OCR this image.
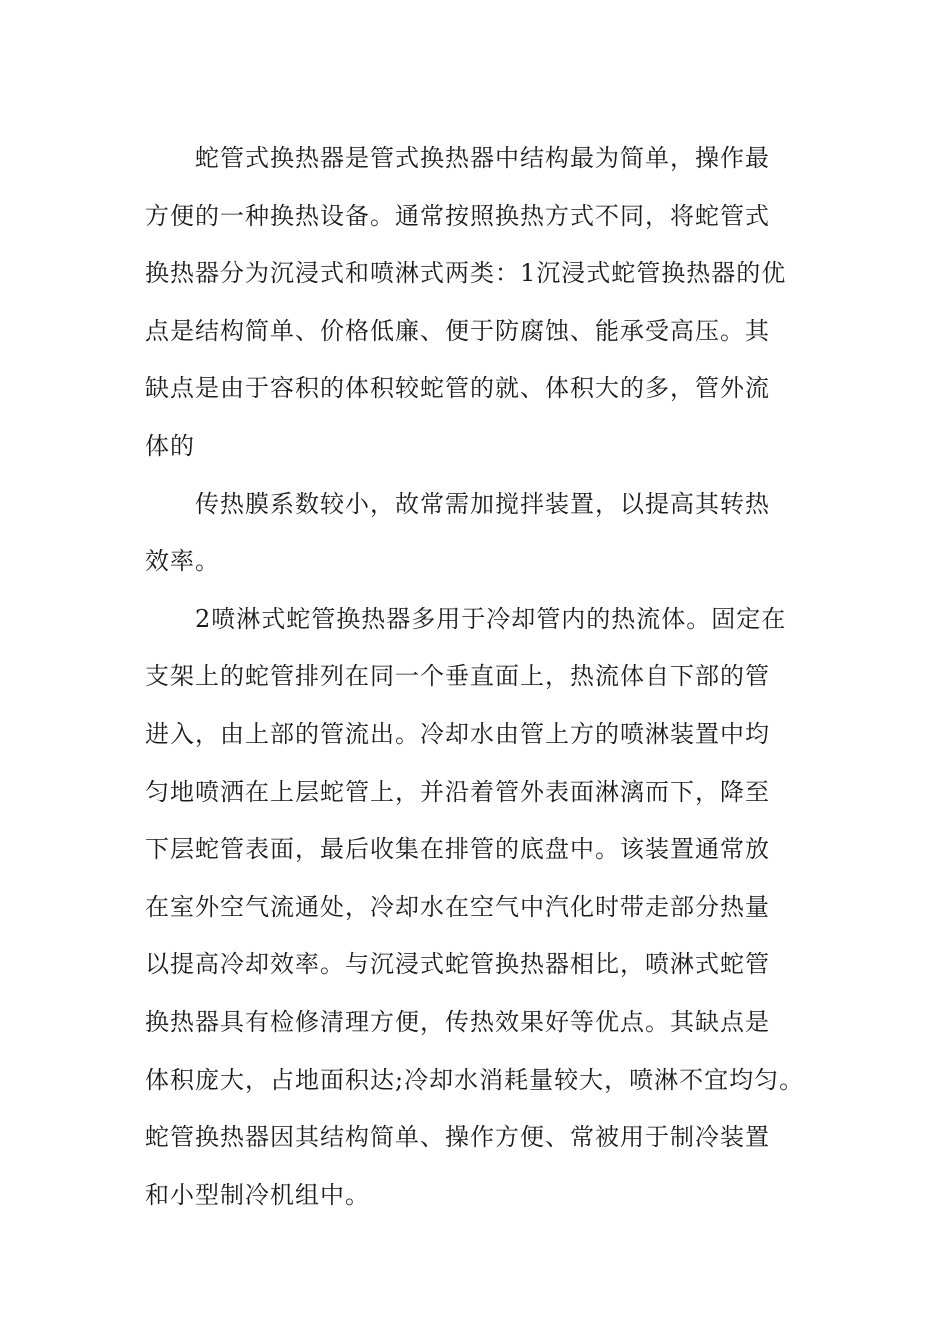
蛇管式换热器是管式换热器中结构最为简单，操作最
方便的一种换热设备。通常按照换热方式不同，将蛇管式
换热器分为沉浸式和喷淋式两类：1沉浸式蛇管换热器的优
点是结构简单、价格低廉、便于防腐蚀、能承受高压。其
缺点是由于容积的体积较蛇管的就、体积大的多，管外流
体的
传热膜系数较小，故常需加搅拌装置，以提高其转热
效率。
2喷淋式蛇管换热器多用于冷却管内的热流体。固定在
支架上的蛇管排列在同一个垂直面上，热流体自下部的管
进入，由上部的管流出。冷却水由管上方的喷淋装置中均
匀地喷洒在上层蛇管上，并沿着管外表面淋漓而下，降至
下层蛇管表面，最后收集在排管的底盘中。该装置通常放
在室外空气流通处，冷却水在空气中汽化时带走部分热量
以提高冷却效率。与沉浸式蛇管换热器相比，喷淋式蛇管
换热器具有检修清理方便，传热效果好等优点。其缺点是
体积庞大，占地面积达;冷却水消耗量较大，喷淋不宜均匀。
蛇管换热器因其结构简单、操作方便、常被用于制冷装置
和小型制冷机组中。
